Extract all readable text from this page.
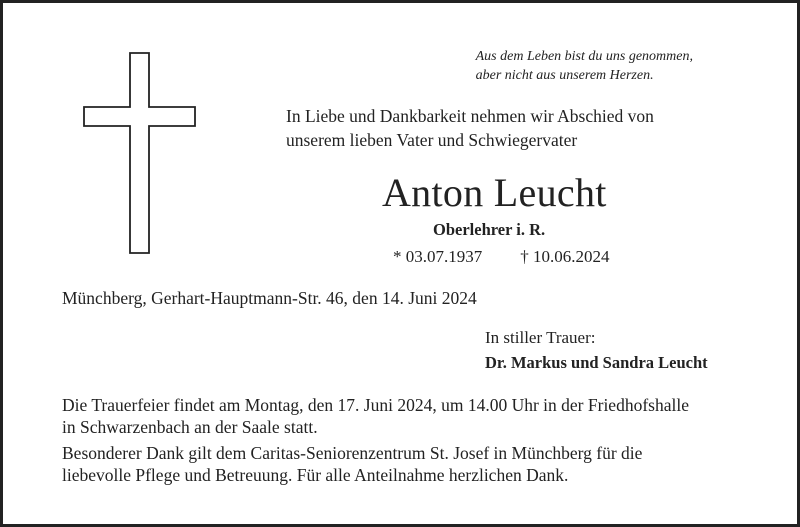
Aus dem Leben bist du uns genommen,
aber nicht aus unserem Herzen.
In Liebe und Dankbarkeit nehmen wir Abschied von
unserem lieben Vater und Schwiegervater
Anton Leucht
Oberlehrer i. R.
* 03.07.1937 † 10.06.2024
Münchberg, Gerhart-Hauptmann-Str. 46, den 14. Juni 2024
In stiller Trauer:
Dr. Markus und Sandra Leucht
Die Trauerfeier findet am Montag, den 17. Juni 2024, um 14.00 Uhr in der Friedhofshalle
in Schwarzenbach an der Saale statt.
Besonderer Dank gilt dem Caritas-Seniorenzentrum St. Josef in Münchberg für die
liebevolle Pflege und Betreuung. Für alle Anteilnahme herzlichen Dank.
